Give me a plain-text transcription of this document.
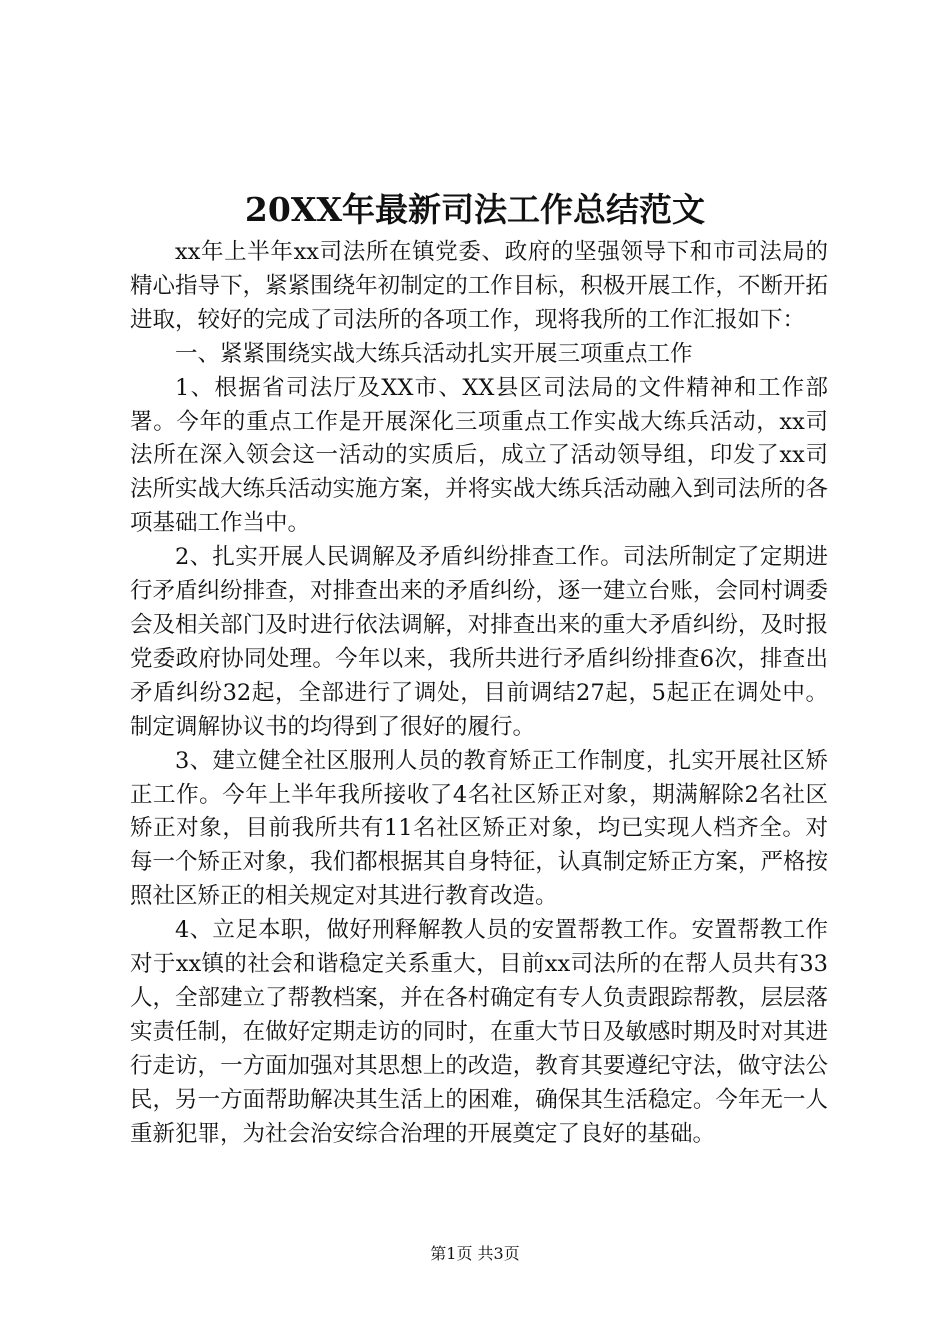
20XX年最新司法工作总结范文

xx年上半年xx司法所在镇党委、政府的坚强领导下和市司法局的精心指导下，紧紧围绕年初制定的工作目标，积极开展工作，不断开拓进取，较好的完成了司法所的各项工作，现将我所的工作汇报如下：

一、紧紧围绕实战大练兵活动扎实开展三项重点工作

1、根据省司法厅及XX市、XX县区司法局的文件精神和工作部署。今年的重点工作是开展深化三项重点工作实战大练兵活动，xx司法所在深入领会这一活动的实质后，成立了活动领导组，印发了xx司法所实战大练兵活动实施方案，并将实战大练兵活动融入到司法所的各项基础工作当中。

2、扎实开展人民调解及矛盾纠纷排查工作。司法所制定了定期进行矛盾纠纷排查，对排查出来的矛盾纠纷，逐一建立台账，会同村调委会及相关部门及时进行依法调解，对排查出来的重大矛盾纠纷，及时报党委政府协同处理。今年以来，我所共进行矛盾纠纷排查6次，排查出矛盾纠纷32起，全部进行了调处，目前调结27起，5起正在调处中。制定调解协议书的均得到了很好的履行。

3、建立健全社区服刑人员的教育矫正工作制度，扎实开展社区矫正工作。今年上半年我所接收了4名社区矫正对象，期满解除2名社区矫正对象，目前我所共有11名社区矫正对象，均已实现人档齐全。对每一个矫正对象，我们都根据其自身特征，认真制定矫正方案，严格按照社区矫正的相关规定对其进行教育改造。

4、立足本职，做好刑释解教人员的安置帮教工作。安置帮教工作对于xx镇的社会和谐稳定关系重大，目前xx司法所的在帮人员共有33人，全部建立了帮教档案，并在各村确定有专人负责跟踪帮教，层层落实责任制，在做好定期走访的同时，在重大节日及敏感时期及时对其进行走访，一方面加强对其思想上的改造，教育其要遵纪守法，做守法公民，另一方面帮助解决其生活上的困难，确保其生活稳定。今年无一人重新犯罪，为社会治安综合治理的开展奠定了良好的基础。

第1页 共3页
